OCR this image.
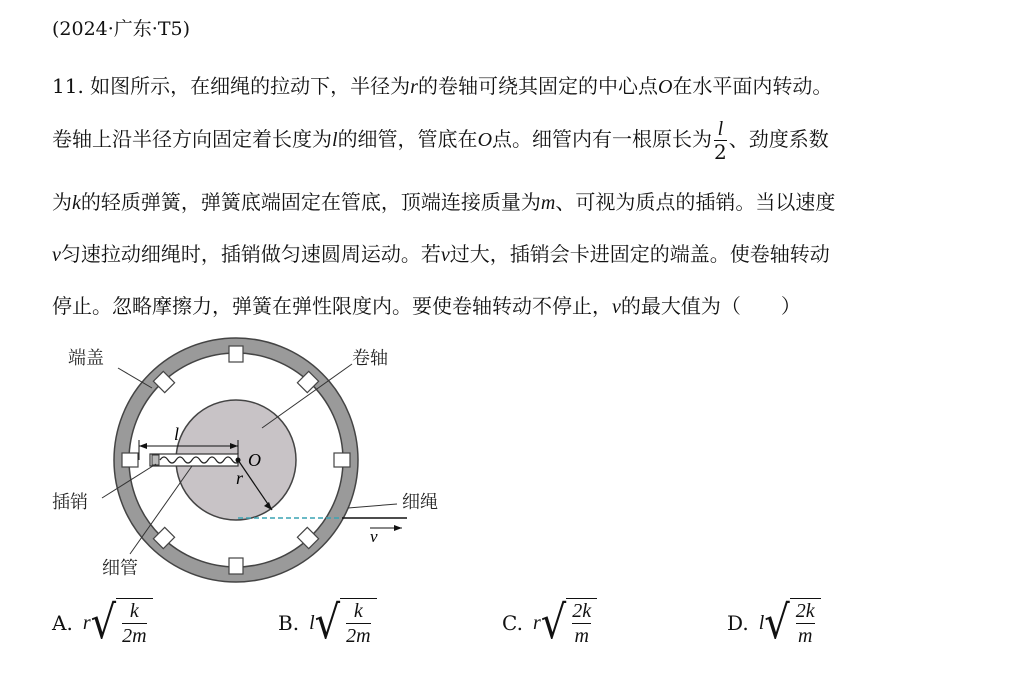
(2024·广东·T5)
11. 如图所示，在细绳的拉动下，半径为r的卷轴可绕其固定的中心点O在水平面内转动。
卷轴上沿半径方向固定着长度为l的细管，管底在O点。细管内有一根原长为 $\frac{l}{2}$ 、劲度系数
为k的轻质弹簧，弹簧底端固定在管底，顶端连接质量为m、可视为质点的插销。当以速度
v匀速拉动细绳时，插销做匀速圆周运动。若v过大，插销会卡进固定的端盖。使卷轴转动
停止。忽略摩擦力，弹簧在弹性限度内。要使卷轴转动不停止，v的最大值为（　　）
l
O
r
v
端盖	卷轴
插销
细管
细绳
A. r √ $\frac{k}{2m}$	B. l √ $\frac{k}{2m}$	C. r √ $\frac{2k}{m}$	D. l √ $\frac{2k}{m}$
